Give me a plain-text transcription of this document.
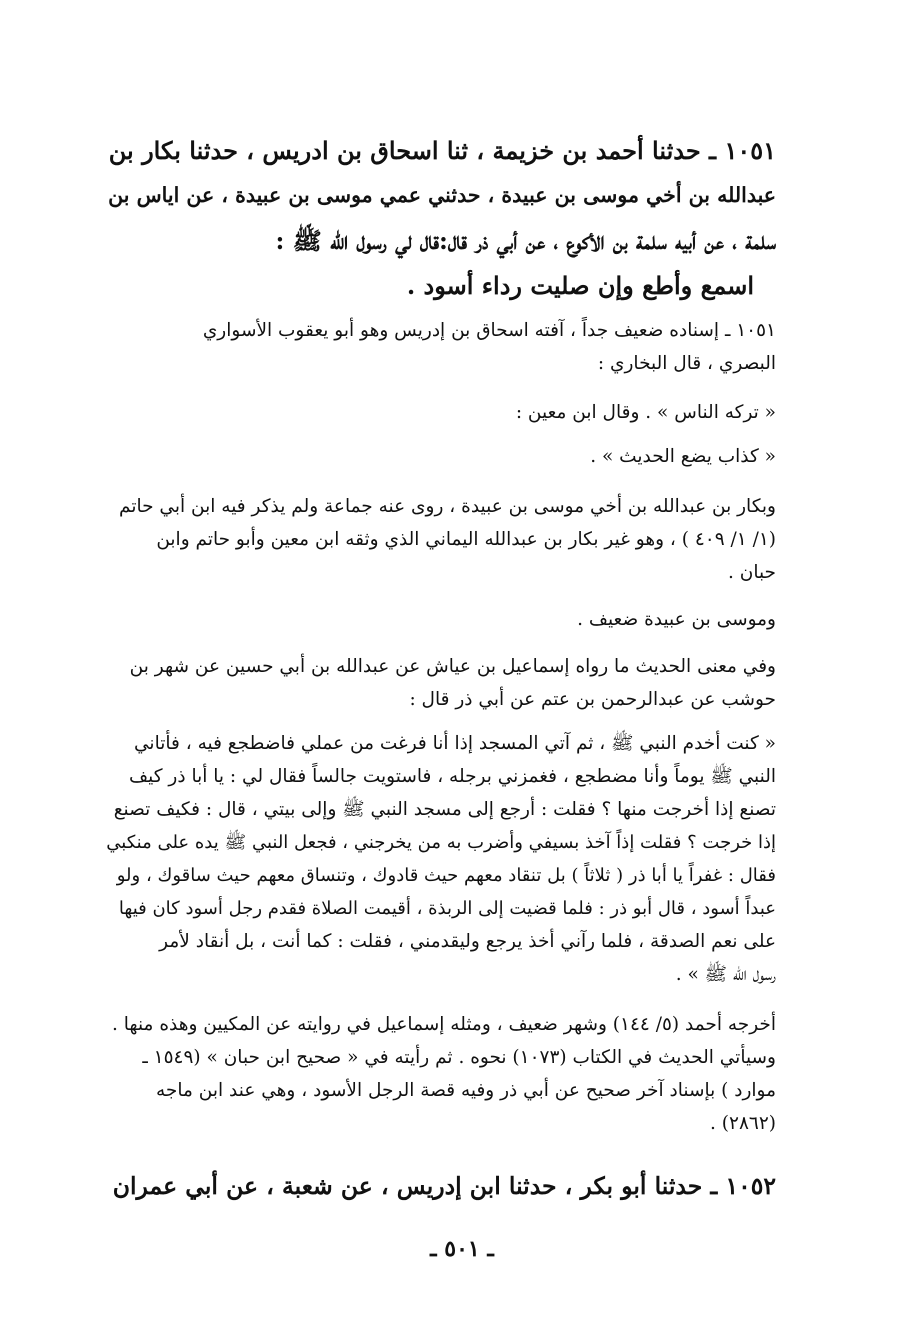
١٠٥١ ـ حدثنا أحمد بن خزيمة ، ثنا اسحاق بن ادريس ، حدثنا بكار بن
عبدالله بن أخي موسى بن عبيدة ، حدثني عمي موسى بن عبيدة ، عن اياس بن
سلمة ، عن أبيه سلمة بن الأكوع ، عن أبي ذر قال:قال لي رسول الله ﷺ :
اسمع وأطع وإن صليت رداء أسود .
١٠٥١ ـ إسناده ضعيف جداً ، آفته اسحاق بن إدريس وهو أبو يعقوب الأسواري
البصري ، قال البخاري :
« تركه الناس » . وقال ابن معين :
« كذاب يضع الحديث » .
وبكار بن عبدالله بن أخي موسى بن عبيدة ، روى عنه جماعة ولم يذكر فيه ابن أبي حاتم
(١/ ١/ ٤٠٩ ) ، وهو غير بكار بن عبدالله اليماني الذي وثقه ابن معين وأبو حاتم وابن
حبان .
وموسى بن عبيدة ضعيف .
وفي معنى الحديث ما رواه إسماعيل بن عياش عن عبدالله بن أبي حسين عن شهر بن
حوشب عن عبدالرحمن بن عتم عن أبي ذر قال :
« كنت أخدم النبي ﷺ ، ثم آتي المسجد إذا أنا فرغت من عملي فاضطجع فيه ، فأتاني
النبي ﷺ يوماً وأنا مضطجع ، فغمزني برجله ، فاستويت جالساً فقال لي : يا أبا ذر كيف
تصنع إذا أخرجت منها ؟ فقلت : أرجع إلى مسجد النبي ﷺ وإلى بيتي ، قال : فكيف تصنع
إذا خرجت ؟ فقلت إذاً آخذ بسيفي وأضرب به من يخرجني ، فجعل النبي ﷺ يده على منكبي
فقال : غفراً يا أبا ذر ( ثلاثاً ) بل تنقاد معهم حيث قادوك ، وتنساق معهم حيث ساقوك ، ولو
عبداً أسود ، قال أبو ذر : فلما قضيت إلى الربذة ، أقيمت الصلاة فقدم رجل أسود كان فيها
على نعم الصدقة ، فلما رآني أخذ يرجع وليقدمني ، فقلت : كما أنت ، بل أنقاد لأمر
رسول الله ﷺ » .
أخرجه أحمد (٥/ ١٤٤) وشهر ضعيف ، ومثله إسماعيل في روايته عن المكيين وهذه منها .
وسيأتي الحديث في الكتاب (١٠٧٣) نحوه . ثم رأيته في « صحيح ابن حبان » (١٥٤٩ ـ
موارد ) بإسناد آخر صحيح عن أبي ذر وفيه قصة الرجل الأسود ، وهي عند ابن ماجه
(٢٨٦٢) .
١٠٥٢ ـ حدثنا أبو بكر ، حدثنا ابن إدريس ، عن شعبة ، عن أبي عمران
ـ ٥٠١ ـ
